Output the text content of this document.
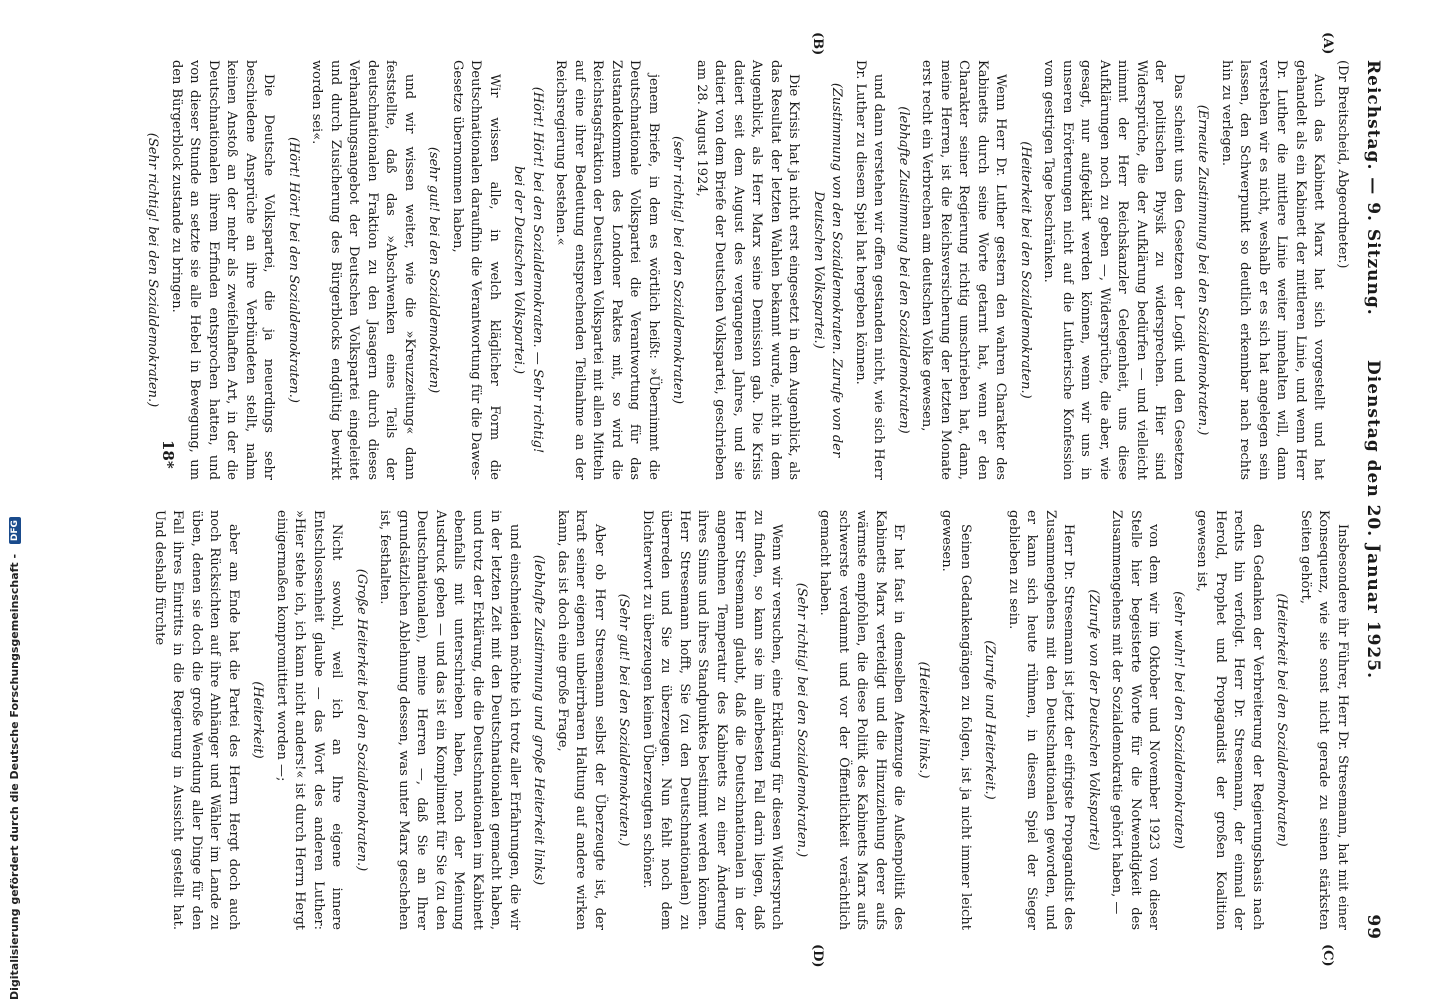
Reichstag. — 9. Sitzung.
Dienstag den 20. Januar 1925.
99
(A)
(B)
(C)
(D)

(Dr Breitscheid, Abgeordneter.)

Auch das Kabinett Marx hat sich vorgestellt und hat gehandelt als ein Kabinett der mittleren Linie, und wenn Herr Dr. Luther die mittlere Linie weiter innehalten will, dann verstehen wir es nicht, weshalb er es sich hat angelegen sein lassen, den Schwerpunkt so deutlich erkennbar nach rechts hin zu verlegen.

(Erneute Zustimmung bei den Sozialdemokraten.)

Das scheint uns den Gesetzen der Logik und den Gesetzen der politischen Physik zu widersprechen. Hier sind Widersprüche, die der Aufklärung bedürfen — und vielleicht nimmt der Herr Reichskanzler Gelegenheit, uns diese Aufklärungen noch zu geben —, Widersprüche, die aber, wie gesagt, nur aufgeklärt werden können, wenn wir uns in unseren Erörterungen nicht auf die Lutherische Konfession vom gestrigen Tage beschränken.

(Heiterkeit bei den Sozialdemokraten.)

Wenn Herr Dr. Luther gestern den wahren Charakter des Kabinetts durch seine Worte getarnt hat, wenn er den Charakter seiner Regierung richtig umschrieben hat, dann, meine Herren, ist die Reichsversicherung der letzten Monate erst recht ein Verbrechen am deutschen Volke gewesen,

(lebhafte Zustimmung bei den Sozialdemokraten)

und dann verstehen wir offen gestanden nicht, wie sich Herr Dr. Luther zu diesem Spiel hat hergeben können.

(Zustimmung von den Sozialdemokraten. Zurufe von der Deutschen Volkspartei.)

Die Krisis hat ja nicht erst eingesetzt in dem Augenblick, als das Resultat der letzten Wahlen bekannt wurde, nicht in dem Augenblick, als Herr Marx seine Demission gab. Die Krisis datiert seit dem August des vergangenen Jahres, und sie datiert von dem Briefe der Deutschen Volkspartei, geschrieben am 28. August 1924,

(sehr richtig! bei den Sozialdemokraten)

jenem Briefe, in dem es wörtlich heißt: »Übernimmt die Deutschnationale Volkspartei die Verantwortung für das Zustandekommen des Londoner Paktes mit, so wird die Reichstagsfraktion der Deutschen Volkspartei mit allen Mitteln auf eine ihrer Bedeutung entsprechenden Teilnahme an der Reichsregierung bestehen.«

(Hört! Hört! bei den Sozialdemokraten. — Sehr richtig! bei der Deutschen Volkspartei.)

Wir wissen alle, in welch kläglicher Form die Deutschnationalen daraufhin die Verantwortung für die Dawes-Gesetze übernommen haben,

(sehr gut! bei den Sozialdemokraten)

und wir wissen weiter, wie die »Kreuzzeitung« dann feststellte, daß das »Abschwenken eines Teils der deutschnationalen Fraktion zu den Jasagern durch dieses Verhandlungsangebot der Deutschen Volkspartei eingeleitet und durch Zusicherung des Bürgerblocks endgültig bewirkt worden sei«.

(Hört! Hört! bei den Sozialdemokraten.)

Die Deutsche Volkspartei, die ja neuerdings sehr beschiedene Ansprüche an ihre Verbündeten stellt, nahm keinen Anstoß an der mehr als zweifelhaften Art, in der die Deutschnationalen ihrem Erfinden entsprochen hatten, und von dieser Stunde an setzte sie alle Hebel in Bewegung, um den Bürgerblock zustande zu bringen.

(Sehr richtig! bei den Sozialdemokraten.)

Insbesondere ihr Führer, Herr Dr. Stresemann, hat mit einer Konsequenz, wie sie sonst nicht gerade zu seinen stärksten Seiten gehört,

(Heiterkeit bei den Sozialdemokraten)

den Gedanken der Verbreiterung der Regierungsbasis nach rechts hin verfolgt. Herr Dr. Stresemann, der einmal der Herold, Prophet und Propagandist der großen Koalition gewesen ist,

(sehr wahr! bei den Sozialdemokraten)

von dem wir im Oktober und November 1923 von dieser Stelle hier begeisterte Worte für die Notwendigkeit des Zusammengehens mit der Sozialdemokratie gehört haben, —

(Zurufe von der Deutschen Volkspartei)

Herr Dr. Stresemann ist jetzt der eifrigste Propagandist des Zusammengehens mit den Deutschnationalen geworden, und er kann sich heute rühmen, in diesem Spiel der Sieger geblieben zu sein.

(Zurufe und Heiterkeit.)

Seinen Gedankengängen zu folgen, ist ja nicht immer leicht gewesen.

(Heiterkeit links.)

Er hat fast in demselben Atemzuge die Außenpolitik des Kabinetts Marx verteidigt und die Hinzuziehung derer aufs wärmste empfohlen, die diese Politik des Kabinetts Marx aufs schwerste verdammt und vor der Öffentlichkeit verächtlich gemacht haben.

(Sehr richtig! bei den Sozialdemokraten.)

Wenn wir versuchen, eine Erklärung für diesen Widerspruch zu finden, so kann sie im allerbesten Fall darin liegen, daß Herr Stresemann glaubt, daß die Deutschnationalen in der angenehmen Temperatur des Kabinetts zu einer Änderung ihres Sinns und ihres Standpunktes bestimmt werden können. Herr Stresemann hofft, Sie (zu den Deutschnationalen) zu überreden und Sie zu überzeugen. Nun fehlt noch dem Dichterwort zu überzeugen keinen Überzeugten schöner.

(Sehr gut! bei den Sozialdemokraten.)

Aber ob Herr Stresemann selbst der Überzeugte ist, der kraft seiner eigenen unbeirrbaren Haltung auf andere wirken kann, das ist doch eine große Frage,

(lebhafte Zustimmung und große Heiterkeit links)

und einschneiden möchte ich trotz aller Erfahrungen, die wir in der letzten Zeit mit den Deutschnationalen gemacht haben, und trotz der Erklärung, die die Deutschnationalen im Kabinett ebenfalls mit unterschrieben haben, noch der Meinung Ausdruck geben — und das ist ein Kompliment für Sie (zu den Deutschnationalen), meine Herren —, daß Sie an Ihrer grundsätzlichen Ablehnung dessen, was unter Marx geschehen ist, festhalten.

(Große Heiterkeit bei den Sozialdemokraten.)

Nicht sowohl, weil ich an Ihre eigene innere Entschlossenheit glaube — das Wort des anderen Luther: »Hier stehe ich, ich kann nicht anders!« ist durch Herrn Hergt einigermaßen kompromittiert worden —;

(Heiterkeit)

aber am Ende hat die Partei des Herrn Hergt doch auch noch Rücksichten auf ihre Anhänger und Wähler im Lande zu üben, denen sie doch die große Wendung aller Dinge für den Fall ihres Eintritts in die Regierung in Aussicht gestellt hat. Und deshalb fürchte

18*
Digitalisierung gefördert durch die Deutsche Forschungsgemeinschaft - DFG
